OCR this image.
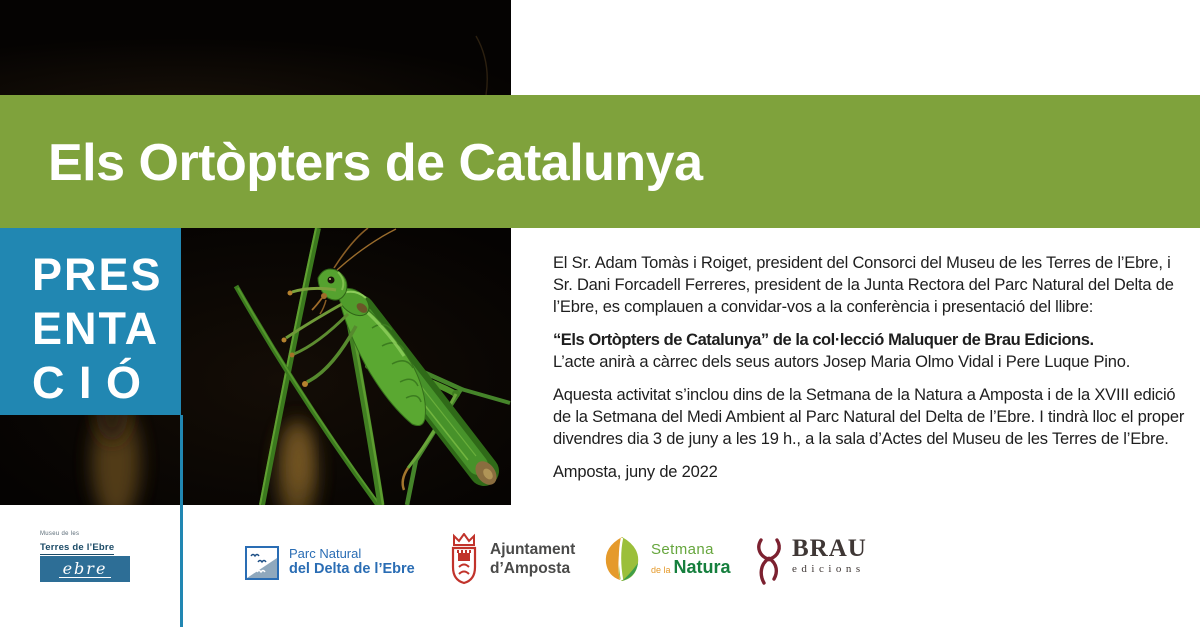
Els Ortòpters de Catalunya
PRES
ENTA
C I Ó

El Sr. Adam Tomàs i Roiget, president del Consorci del Museu de les Terres de l’Ebre, i
Sr. Dani Forcadell Ferreres, president de la Junta Rectora del Parc Natural del Delta de
l’Ebre, es complauen a convidar-vos a la conferència i presentació del llibre:

“Els Ortòpters de Catalunya” de la col·lecció Maluquer de Brau Edicions.
L’acte anirà a càrrec dels seus autors Josep Maria Olmo Vidal i Pere Luque Pino.

Aquesta activitat s’inclou dins de la Setmana de la Natura a Amposta i de la XVIII edició
de la Setmana del Medi Ambient al Parc Natural del Delta de l’Ebre. I tindrà lloc el proper
divendres dia 3 de juny a les 19 h., a la sala d’Actes del Museu de les Terres de l’Ebre.

Amposta, juny de 2022

Museu de les
Terres de l’Ebre
ebre
Parc Natural
del Delta de l’Ebre
Ajuntament
d’Amposta
Setmana
de la Natura
BRAU
edicions
